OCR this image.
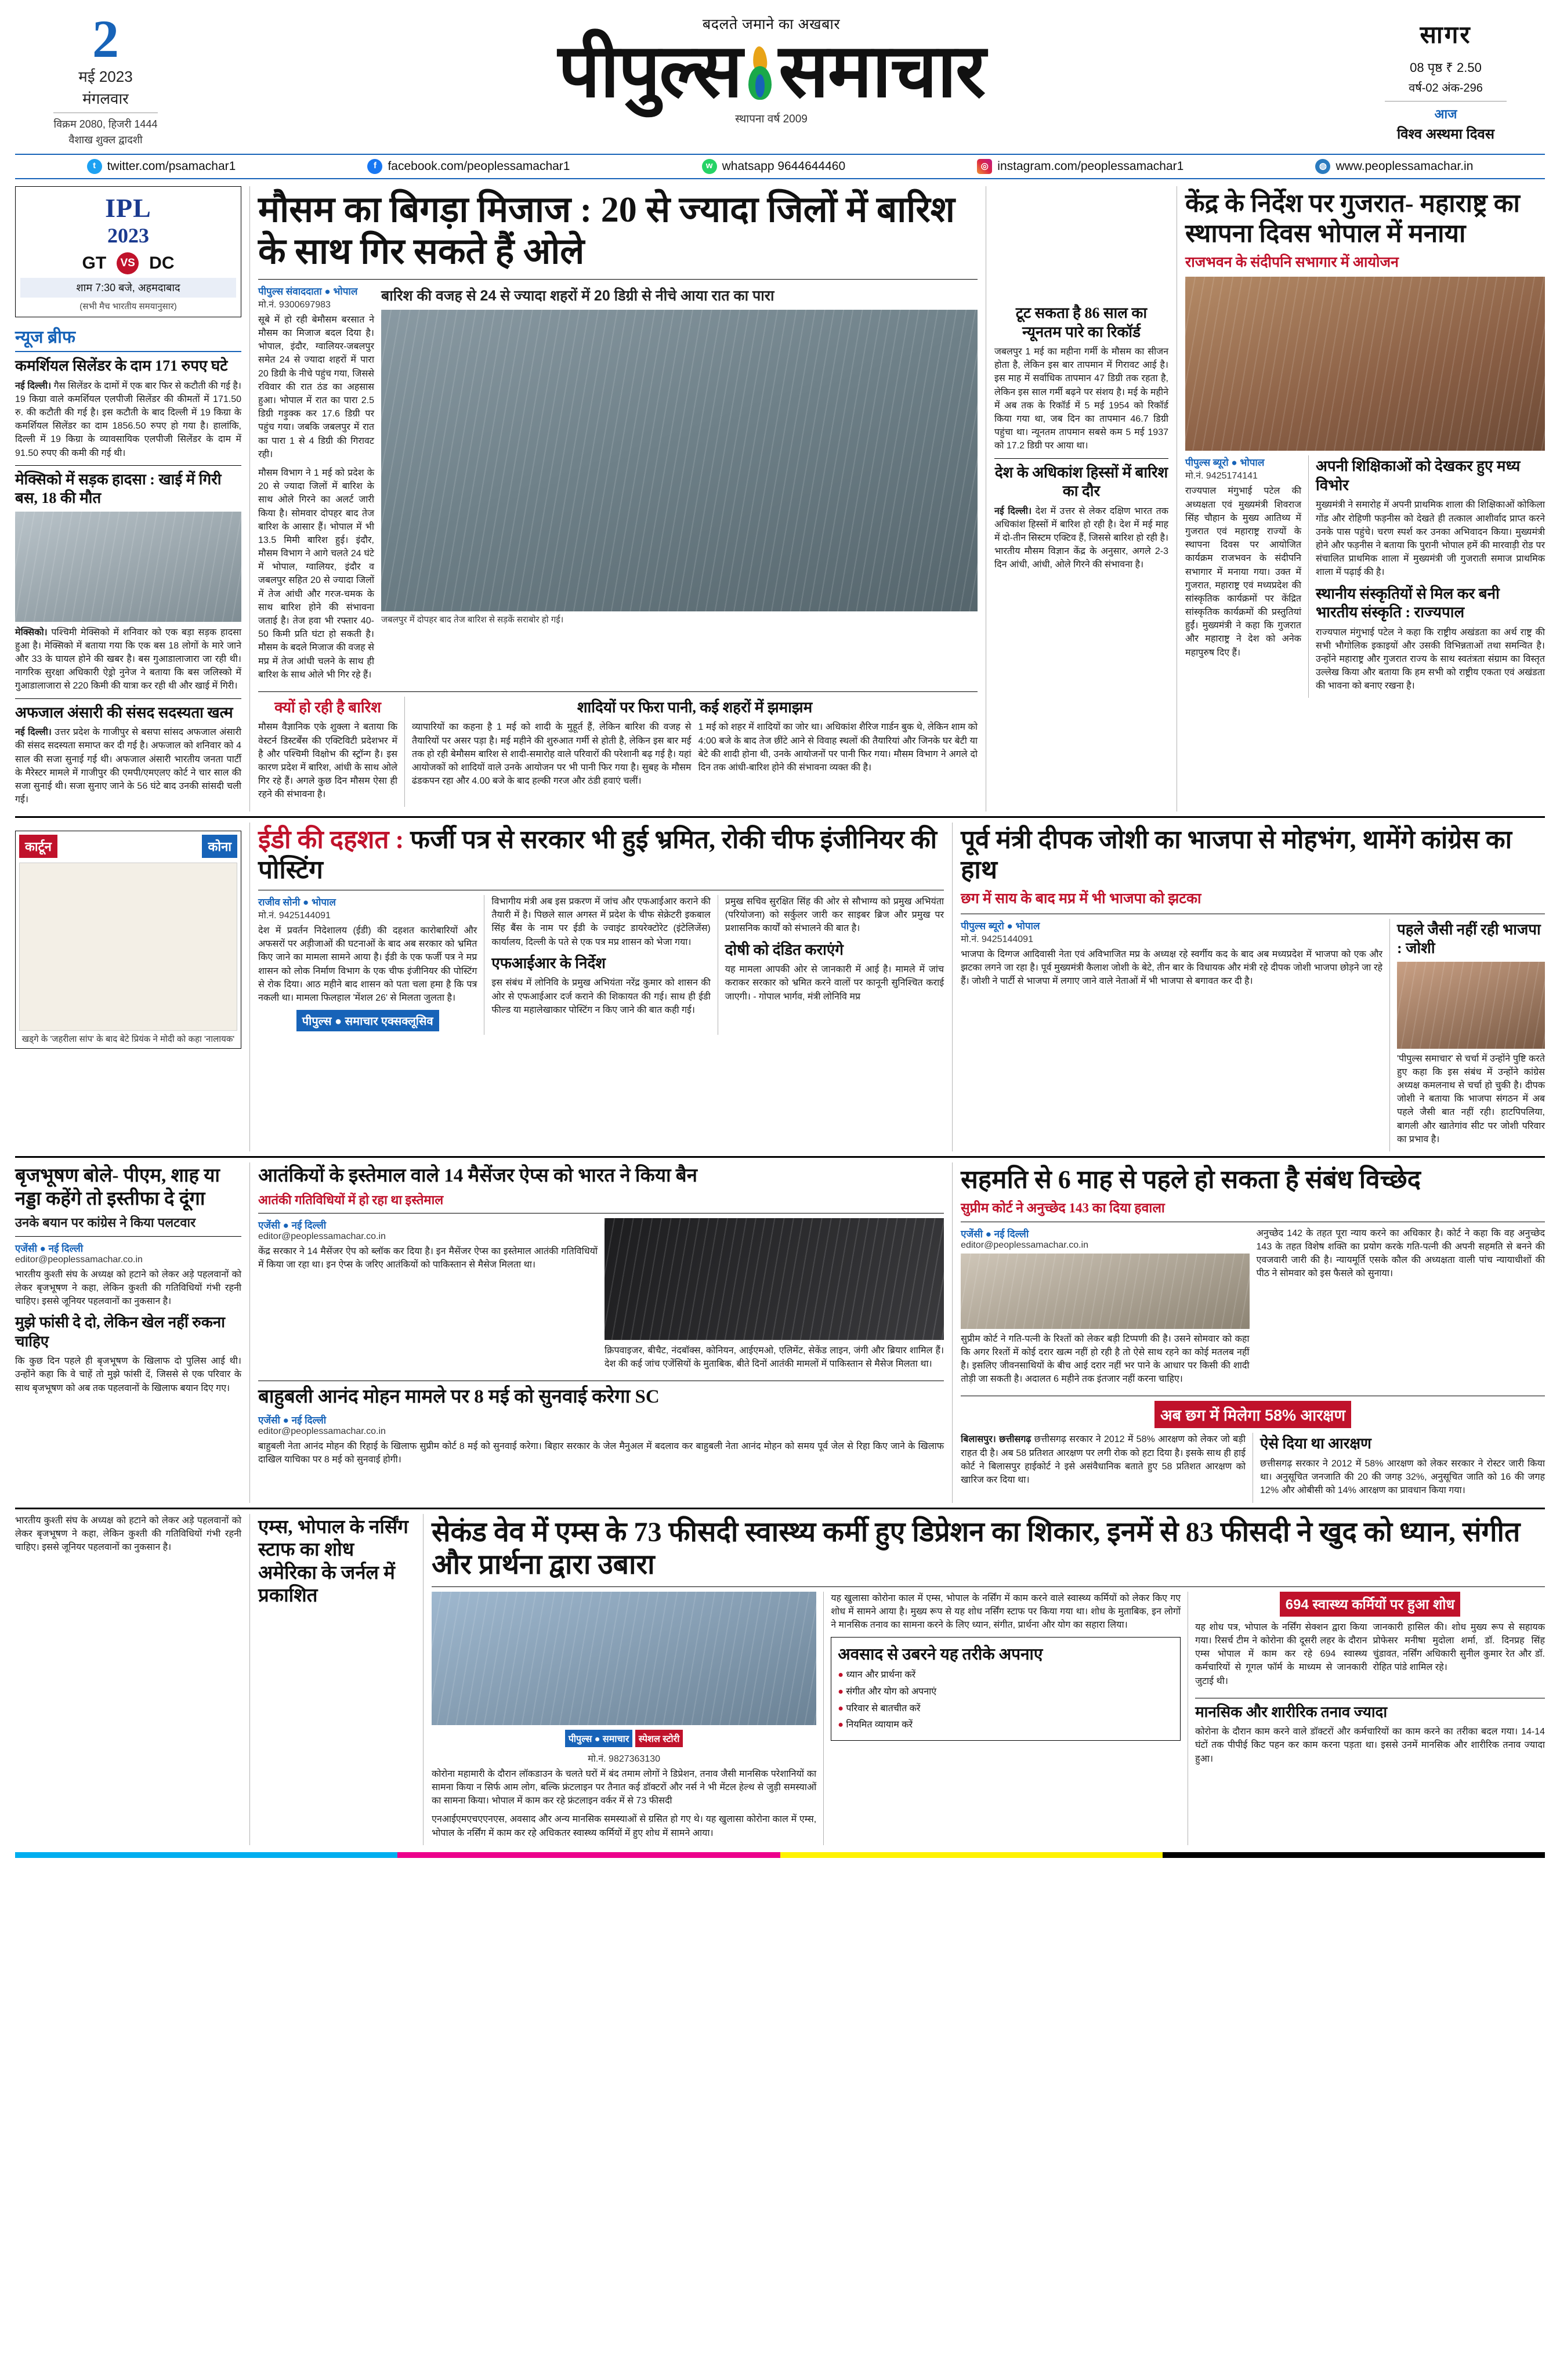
2
मई 2023
मंगलवार
विक्रम 2080, हिजरी 1444
वैशाख शुक्ल द्वादशी
बदलते जमाने का अखबार
पीपुल्स समाचार
स्थापना वर्ष 2009
सागर
08 पृष्ठ ₹ 2.50
वर्ष-02 अंक-296
आज
विश्व अस्थमा दिवस
t twitter.com/psamachar1	f facebook.com/peoplessamachar1	w whatsapp 9644644460	◎ instagram.com/peoplessamachar1	◍ www.peoplessamachar.in
IPL
2023
GT	VS DC
शाम 7:30 बजे, अहमदाबाद
(सभी मैच भारतीय समयानुसार)
न्यूज ब्रीफ
कमर्शियल सिलेंडर के दाम 171 रुपए घटे

नई दिल्ली। गैस सिलेंडर के दामों में एक बार फिर से कटौती की गई है। 19 किग्रा वाले कमर्शियल एलपीजी सिलेंडर की कीमतों में 171.50 रु. की कटौती की गई है। इस कटौती के बाद दिल्ली में 19 किग्रा के कमर्शियल सिलेंडर का दाम 1856.50 रुपए हो गया है। हालांकि, दिल्ली में 19 किग्रा के व्यावसायिक एलपीजी सिलेंडर के दाम में 91.50 रुपए की कमी की गई थी।

मेक्सिको में सड़क हादसा : खाई में गिरी बस, 18 की मौत

मेक्सिको। पश्चिमी मेक्सिको में शनिवार को एक बड़ा सड़क हादसा हुआ है। मेक्सिको में बताया गया कि एक बस 18 लोगों के मारे जाने और 33 के घायल होने की खबर है। बस गुआडालाजारा जा रही थी। नागरिक सुरक्षा अधिकारी ऐड्रो नुनेज ने बताया कि बस जलिस्को में गुआडालाजारा से 220 किमी की यात्रा कर रही थी और खाई में गिरी।

अफजाल अंसारी की संसद सदस्यता खत्म

नई दिल्ली। उत्तर प्रदेश के गाजीपुर से बसपा सांसद अफजाल अंसारी की संसद सदस्यता समाप्त कर दी गई है। अफजाल को शनिवार को 4 साल की सजा सुनाई गई थी। अफजाल अंसारी भारतीय जनता पार्टी के मैरेस्टर मामले में गाजीपुर की एमपी/एमएलए कोर्ट ने चार साल की सजा सुनाई थी। सजा सुनाए जाने के 56 घंटे बाद उनकी सांसदी चली गई।

मौसम का बिगड़ा मिजाज : 20 से ज्यादा जिलों में बारिश के साथ गिर सकते हैं ओले
पीपुल्स संवाददाता ● भोपाल
मो.नं. 9300697983

सूबे में हो रही बेमौसम बरसात ने मौसम का मिजाज बदल दिया है। भोपाल, इंदौर, ग्वालियर-जबलपुर समेत 24 से ज्यादा शहरों में पारा 20 डिग्री के नीचे पहुंच गया, जिससे रविवार की रात ठंड का अहसास हुआ। भोपाल में रात का पारा 2.5 डिग्री गड़ुक्क कर 17.6 डिग्री पर पहुंच गया। जबकि जबलपुर में रात का पारा 1 से 4 डिग्री की गिरावट रही।

मौसम विभाग ने 1 मई को प्रदेश के 20 से ज्यादा जिलों में बारिश के साथ ओले गिरने का अलर्ट जारी किया है। सोमवार दोपहर बाद तेज बारिश के आसार हैं। भोपाल में भी 13.5 मिमी बारिश हुई। इंदौर, मौसम विभाग ने आगे चलते 24 घंटे में भोपाल, ग्वालियर, इंदौर व जबलपुर सहित 20 से ज्यादा जिलों में तेज आंधी और गरज-चमक के साथ बारिश होने की संभावना जताई है। तेज हवा भी रफ्तार 40-50 किमी प्रति घंटा हो सकती है। मौसम के बदले मिजाज की वजह से मप्र में तेज आंधी चलने के साथ ही बारिश के साथ ओले भी गिर रहे हैं।

बारिश की वजह से 24 से ज्यादा शहरों में 20 डिग्री से नीचे आया रात का पारा
जबलपुर में दोपहर बाद तेज बारिश से सड़कें सराबोर हो गई।
क्यों हो रही है बारिश

मौसम वैज्ञानिक एके शुक्ला ने बताया कि वेस्टर्न डिस्टर्बेंस की एक्टिविटी प्रदेशभर में है और पश्चिमी विक्षोभ की स्ट्रॉन्ग है। इस कारण प्रदेश में बारिश, आंधी के साथ ओले गिर रहे हैं। अगले कुछ दिन मौसम ऐसा ही रहने की संभावना है।

शादियों पर फिरा पानी, कई शहरों में झमाझम

व्यापारियों का कहना है 1 मई को शादी के मुहूर्त हैं, लेकिन बारिश की वजह से तैयारियों पर असर पड़ा है। मई महीने की शुरुआत गर्मी से होती है, लेकिन इस बार मई तक हो रही बेमौसम बारिश से शादी-समारोह वाले परिवारों की परेशानी बढ़ गई है। यहां आयोजकों को शादियों वाले उनके आयोजन पर भी पानी फिर गया है। सुबह के मौसम ढंडकपन रहा और 4.00 बजे के बाद हल्की गरज और ठंडी हवाएं चलीं।

1 मई को शहर में शादियों का जोर था। अधिकांश शैरिज गार्डन बुक थे, लेकिन शाम को 4:00 बजे के बाद तेज छींटे आने से विवाह स्थलों की तैयारियां और जिनके घर बेटी या बेटे की शादी होना थी, उनके आयोजनों पर पानी फिर गया। मौसम विभाग ने अगले दो दिन तक आंधी-बारिश होने की संभावना व्यक्त की है।

टूट सकता है 86 साल का न्यूनतम पारे का रिकॉर्ड

जबलपुर 1 मई का महीना गर्मी के मौसम का सीजन होता है, लेकिन इस बार तापमान में गिरावट आई है। इस माह में सर्वाधिक तापमान 47 डिग्री तक रहता है, लेकिन इस साल गर्मी बढ़ने पर संशय है। मई के महीने में अब तक के रिकॉर्ड में 5 मई 1954 को रिकॉर्ड किया गया था, जब दिन का तापमान 46.7 डिग्री पहुंचा था। न्यूनतम तापमान सबसे कम 5 मई 1937 को 17.2 डिग्री पर आया था।

देश के अधिकांश हिस्सों में बारिश का दौर

नई दिल्ली। देश में उत्तर से लेकर दक्षिण भारत तक अधिकांश हिस्सों में बारिश हो रही है। देश में मई माह में दो-तीन सिस्टम एक्टिव हैं, जिससे बारिश हो रही है। भारतीय मौसम विज्ञान केंद्र के अनुसार, अगले 2-3 दिन आंधी, आंधी, ओले गिरने की संभावना है।

केंद्र के निर्देश पर गुजरात- महाराष्ट्र का स्थापना दिवस भोपाल में मनाया
राजभवन के संदीपनि सभागार में आयोजन
पीपुल्स ब्यूरो ● भोपाल
मो.नं. 9425174141

राज्यपाल मंगुभाई पटेल की अध्यक्षता एवं मुख्यमंत्री शिवराज सिंह चौहान के मुख्य आतिथ्य में गुजरात एवं महाराष्ट्र राज्यों के स्थापना दिवस पर आयोजित कार्यक्रम राजभवन के संदीपनि सभागार में मनाया गया। उक्त में गुजरात, महाराष्ट्र एवं मध्यप्रदेश की सांस्कृतिक कार्यक्रमों पर केंद्रित सांस्कृतिक कार्यक्रमों की प्रस्तुतियां हुईं। मुख्यमंत्री ने कहा कि गुजरात और महाराष्ट्र ने देश को अनेक महापुरुष दिए हैं।

अपनी शिक्षिकाओं को देखकर हुए मध्य विभोर

मुख्यमंत्री ने समारोह में अपनी प्राथमिक शाला की शिक्षिकाओं कोकिला गोंड और रोहिणी फड़नीस को देखते ही तत्काल आशीर्वाद प्राप्त करने उनके पास पहुंचे। चरण स्पर्श कर उनका अभिवादन किया। मुख्यमंत्री होने और फड़नीस ने बताया कि पुरानी भोपाल हमें की मारवाड़ी रोड पर संचालित प्राथमिक शाला में मुख्यमंत्री जी गुजराती समाज प्राथमिक शाला में पढ़ाई की है।

स्थानीय संस्कृतियों से मिल कर बनी भारतीय संस्कृति : राज्यपाल

राज्यपाल मंगुभाई पटेल ने कहा कि राष्ट्रीय अखंडता का अर्थ राष्ट्र की सभी भौगोलिक इकाइयों और उसकी विभिन्नताओं तथा समन्वित है। उन्होंने महाराष्ट्र और गुजरात राज्य के साथ स्वतंत्रता संग्राम का विस्तृत उल्लेख किया और बताया कि हम सभी को राष्ट्रीय एकता एवं अखंडता की भावना को बनाए रखना है।

कार्टून	कोना
खड्गे के 'जहरीला सांप' के बाद बेटे प्रियंक ने मोदी को कहा 'नालायक'
ईडी की दहशत : फर्जी पत्र से सरकार भी हुई भ्रमित, रोकी चीफ इंजीनियर की पोस्टिंग
राजीव सोनी ● भोपाल
मो.नं. 9425144091

देश में प्रवर्तन निदेशालय (ईडी) की दहशत कारोबारियों और अफसरों पर अड़ीजाओं की घटनाओं के बाद अब सरकार को भ्रमित किए जाने का मामला सामने आया है। ईडी के एक फर्जी पत्र ने मप्र शासन को लोक निर्माण विभाग के एक चीफ इंजीनियर की पोस्टिंग से रोक दिया। आठ महीने बाद शासन को पता चला हमा है कि पत्र नकली था। मामला फिलहाल 'मेंशल 26' से मिलता जुलता है।

पीपुल्स ● समाचार एक्सक्लूसिव

विभागीय मंत्री अब इस प्रकरण में जांच और एफआईआर कराने की तैयारी में है। पिछले साल अगस्त में प्रदेश के चीफ सेक्रेटरी इकबाल सिंह बैंस के नाम पर ईडी के ज्वाइंट डायरेक्टोरेट (इंटेलिजेंस) कार्यालय, दिल्ली के पते से एक पत्र मप्र शासन को भेजा गया।

एफआईआर के निर्देश

इस संबंध में लोनिवि के प्रमुख अभियंता नरेंद्र कुमार को शासन की ओर से एफआईआर दर्ज कराने की शिकायत की गई। साथ ही ईडी फील्ड या महालेखाकार पोस्टिंग न किए जाने की बात कही गई।

प्रमुख सचिव सुरक्षित सिंह की ओर से सौभाग्य को प्रमुख अभियंता (परियोजना) को सर्कुलर जारी कर साइबर ब्रिज और प्रमुख पर प्रशासनिक कार्यों को संभालने की बात है।

दोषी को दंडित कराएंगे

यह मामला आपकी ओर से जानकारी में आई है। मामले में जांच कराकर सरकार को भ्रमित करने वालों पर कानूनी सुनिश्चित कराई जाएगी। - गोपाल भार्गव, मंत्री लोनिवि मप्र

पूर्व मंत्री दीपक जोशी का भाजपा से मोहभंग, थामेंगे कांग्रेस का हाथ
छग में साय के बाद मप्र में भी भाजपा को झटका
पीपुल्स ब्यूरो ● भोपाल
मो.नं. 9425144091

भाजपा के दिग्गज आदिवासी नेता एवं अविभाजित मप्र के अध्यक्ष रहे स्वर्गीय कद के बाद अब मध्यप्रदेश में भाजपा को एक और झटका लगने जा रहा है। पूर्व मुख्यमंत्री कैलाश जोशी के बेटे, तीन बार के विधायक और मंत्री रहे दीपक जोशी भाजपा छोड़ने जा रहे हैं। जोशी ने पार्टी से भाजपा में लगाए जाने वाले नेताओं में भी भाजपा से बगावत कर दी है।

पहले जैसी नहीं रही भाजपा : जोशी

'पीपुल्स समाचार' से चर्चा में उन्होंने पुष्टि करते हुए कहा कि इस संबंध में उन्होंने कांग्रेस अध्यक्ष कमलनाथ से चर्चा हो चुकी है। दीपक जोशी ने बताया कि भाजपा संगठन में अब पहले जैसी बात नहीं रही। हाटपिपलिया, बागली और खातेगांव सीट पर जोशी परिवार का प्रभाव है।

बृजभूषण बोले- पीएम, शाह या नड्डा कहेंगे तो इस्तीफा दे दूंगा
उनके बयान पर कांग्रेस ने किया पलटवार
एजेंसी ● नई दिल्ली
editor@peoplessamachar.co.in

भारतीय कुश्ती संघ के अध्यक्ष को हटाने को लेकर अड़े पहलवानों को लेकर बृजभूषण ने कहा, लेकिन कुश्ती की गतिविधियों गंभी रहनी चाहिए। इससे जूनियर पहलवानों का नुकसान है।

मुझे फांसी दे दो, लेकिन खेल नहीं रुकना चाहिए

कि कुछ दिन पहले ही बृजभूषण के खिलाफ दो पुलिस आई थी। उन्होंने कहा कि वे चाहें तो मुझे फांसी दें, जिससे से एक परिवार के साथ बृजभूषण को अब तक पहलवानों के खिलाफ बयान दिए गए।

आतंकियों के इस्तेमाल वाले 14 मैसेंजर ऐप्स को भारत ने किया बैन
आतंकी गतिविधियों में हो रहा था इस्तेमाल
एजेंसी ● नई दिल्ली
editor@peoplessamachar.co.in

केंद्र सरकार ने 14 मैसेंजर ऐप को ब्लॉक कर दिया है। इन मैसेंजर ऐप्स का इस्तेमाल आतंकी गतिविधियों में किया जा रहा था। इन ऐप्स के जरिए आतंकियों को पाकिस्तान से मैसेज मिलता था।

क्रिपवाइजर, बीचैट, नंदबॉक्स, कोनियन, आईएमओ, एलिमेंट, सेकेंड लाइन, जंगी और ब्रियार शामिल हैं। देश की कई जांच एजेंसियों के मुताबिक, बीते दिनों आतंकी मामलों में पाकिस्तान से मैसेज मिलता था।

बाहुबली आनंद मोहन मामले पर 8 मई को सुनवाई करेगा SC
एजेंसी ● नई दिल्ली
editor@peoplessamachar.co.in

बाहुबली नेता आनंद मोहन की रिहाई के खिलाफ सुप्रीम कोर्ट 8 मई को सुनवाई करेगा। बिहार सरकार के जेल मैनुअल में बदलाव कर बाहुबली नेता आनंद मोहन को समय पूर्व जेल से रिहा किए जाने के खिलाफ दाखिल याचिका पर 8 मई को सुनवाई होगी।

सहमति से 6 माह से पहले हो सकता है संबंध विच्छेद
सुप्रीम कोर्ट ने अनुच्छेद 143 का दिया हवाला
एजेंसी ● नई दिल्ली
editor@peoplessamachar.co.in

सुप्रीम कोर्ट ने गति-पत्नी के रिश्तों को लेकर बड़ी टिप्पणी की है। उसने सोमवार को कहा कि अगर रिश्तों में कोई दरार खत्म नहीं हो रही है तो ऐसे साथ रहने का कोई मतलब नहीं है। इसलिए जीवनसाथियों के बीच आई दरार नहीं भर पाने के आधार पर किसी की शादी तोड़ी जा सकती है। अदालत 6 महीने तक इंतजार नहीं करना चाहिए।

अनुच्छेद 142 के तहत पूरा न्याय करने का अधिकार है। कोर्ट ने कहा कि वह अनुच्छेद 143 के तहत विशेष शक्ति का प्रयोग करके गति-पत्नी की अपनी सहमति से बनने की एवजवारी जारी की है। न्यायमूर्ति एसके कौल की अध्यक्षता वाली पांच न्यायाधीशों की पीठ ने सोमवार को इस फैसले को सुनाया।

अब छग में मिलेगा 58% आरक्षण

बिलासपुर। छत्तीसगढ़ छत्तीसगढ़ सरकार ने 2012 में 58% आरक्षण को लेकर जो बड़ी राहत दी है। अब 58 प्रतिशत आरक्षण पर लगी रोक को हटा दिया है। इसके साथ ही हाई कोर्ट ने बिलासपुर हाईकोर्ट ने इसे असंवैधानिक बताते हुए 58 प्रतिशत आरक्षण को खारिज कर दिया था।

ऐसे दिया था आरक्षण

छत्तीसगढ़ सरकार ने 2012 में 58% आरक्षण को लेकर सरकार ने रोस्टर जारी किया था। अनुसूचित जनजाति की 20 की जगह 32%, अनुसूचित जाति को 16 की जगह 12% और ओबीसी को 14% आरक्षण का प्रावधान किया गया।

भारतीय कुश्ती संघ के अध्यक्ष को हटाने को लेकर अड़े पहलवानों को लेकर बृजभूषण ने कहा, लेकिन कुश्ती की गतिविधियों गंभी रहनी चाहिए। इससे जूनियर पहलवानों का नुकसान है।

एम्स, भोपाल के नर्सिंग स्टाफ का शोध अमेरिका के जर्नल में प्रकाशित
सेकंड वेव में एम्स के 73 फीसदी स्वास्थ्य कर्मी हुए डिप्रेशन का शिकार, इनमें से 83 फीसदी ने खुद को ध्यान, संगीत और प्रार्थना द्वारा उबारा
पीपुल्स ● समाचार स्पेशल स्टोरी
मो.नं. 9827363130

कोरोना महामारी के दौरान लॉकडाउन के चलते घरों में बंद तमाम लोगों ने डिप्रेशन, तनाव जैसी मानसिक परेशानियों का सामना किया न सिर्फ आम लोग, बल्कि फ्रंटलाइन पर तैनात कई डॉक्टरों और नर्स ने भी मेंटल हेल्थ से जुड़ी समस्याओं का सामना किया। भोपाल में काम कर रहे फ्रंटलाइन वर्कर में से 73 फीसदी

एनआईएमएचएएनएस, अवसाद और अन्य मानसिक समस्याओं से ग्रसित हो गए थे। यह खुलासा कोरोना काल में एम्स, भोपाल के नर्सिंग में काम कर रहे अधिकतर स्वास्थ्य कर्मियों में हुए शोध में सामने आया।

यह खुलासा कोरोना काल में एम्स, भोपाल के नर्सिंग में काम करने वाले स्वास्थ्य कर्मियों को लेकर किए गए शोध में सामने आया है। मुख्य रूप से यह शोध नर्सिंग स्टाफ पर किया गया था। शोध के मुताबिक, इन लोगों ने मानसिक तनाव का सामना करने के लिए ध्यान, संगीत, प्रार्थना और योग का सहारा लिया।

अवसाद से उबरने यह तरीके अपनाए
● ध्यान और प्रार्थना करें
● संगीत और योग को अपनाएं
● परिवार से बातचीत करें
● नियमित व्यायाम करें
694 स्वास्थ्य कर्मियों पर हुआ शोध

यह शोध पत्र, भोपाल के नर्सिंग सेक्शन द्वारा किया गया। रिसर्च टीम ने कोरोना की दूसरी लहर के दौरान एम्स भोपाल में काम कर रहे 694 स्वास्थ्य कर्मचारियों से गूगल फॉर्म के माध्यम से जानकारी जुटाई थी।

जानकारी हासिल की। शोध मुख्य रूप से सहायक प्रोफेसर मनीषा मुदोला शर्मा, डॉ. दिनप्रह सिंह चुंडावत, नर्सिंग अधिकारी सुनील कुमार रेत और डॉ. रोहित पांडे शामिल रहे।

मानसिक और शारीरिक तनाव ज्यादा

कोरोना के दौरान काम करने वाले डॉक्टरों और कर्मचारियों का काम करने का तरीका बदल गया। 14-14 घंटों तक पीपीई किट पहन कर काम करना पड़ता था। इससे उनमें मानसिक और शारीरिक तनाव ज्यादा हुआ।
